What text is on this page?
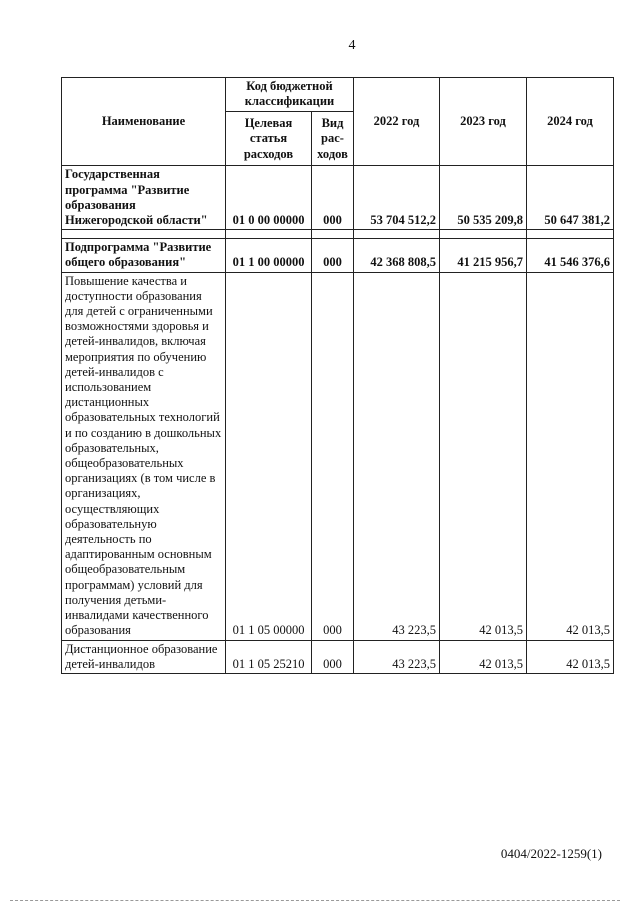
4
Наименование	Код бюджетной классификации		2022 год	2023 год	2024 год
	Целевая статья расходов	Вид рас-ходов			
Государственная программа "Развитие образования Нижегородской области"	01 0 00 00000	000	53 704 512,2	50 535 209,8	50 647 381,2

Подпрограмма "Развитие общего образования"	01 1 00 00000	000	42 368 808,5	41 215 956,7	41 546 376,6
Повышение качества и доступности образования для детей с ограниченными возможностями здоровья и детей-инвалидов, включая мероприятия по обучению детей-инвалидов с использованием дистанционных образовательных технологий и по созданию в дошкольных образовательных, общеобразовательных организациях (в том числе в организациях, осуществляющих образовательную деятельность по адаптированным основным общеобразовательным программам) условий для получения детьми-инвалидами качественного образования	01 1 05 00000	000	43 223,5	42 013,5	42 013,5
Дистанционное образование детей-инвалидов	01 1 05 25210	000	43 223,5	42 013,5	42 013,5
0404/2022-1259(1)
